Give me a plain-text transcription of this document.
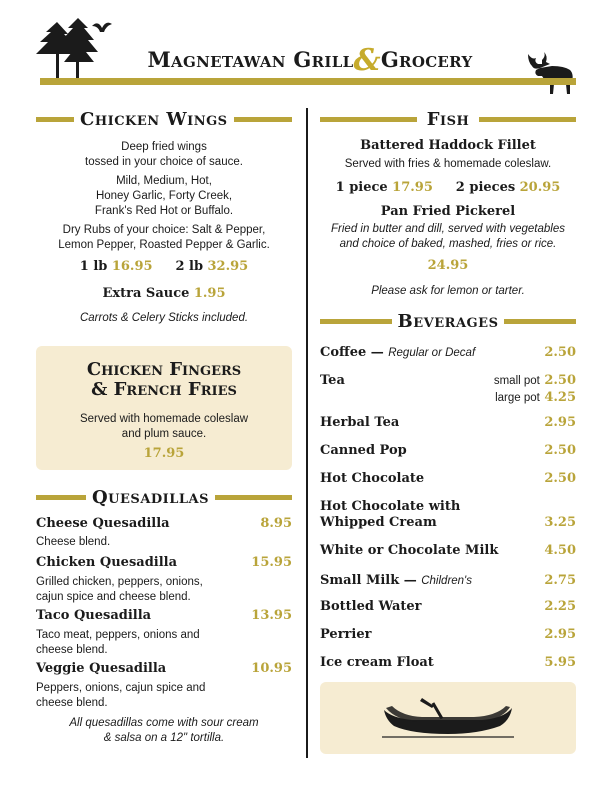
Magnetawan Grill&Grocery
Chicken Wings
Deep fried wings
tossed in your choice of sauce.
Mild, Medium, Hot,
Honey Garlic, Forty Creek,
Frank's Red Hot or Buffalo.
Dry Rubs of your choice: Salt & Pepper,
Lemon Pepper, Roasted Pepper & Garlic.
1 lb 16.95 2 lb 32.95
Extra Sauce 1.95
Carrots & Celery Sticks included.
Chicken Fingers
& French Fries
Served with homemade coleslaw
and plum sauce.
17.95
Quesadillas
Cheese Quesadilla	8.95
Cheese blend.
Chicken Quesadilla	15.95
Grilled chicken, peppers, onions,
cajun spice and cheese blend.
Taco Quesadilla	13.95
Taco meat, peppers, onions and
cheese blend.
Veggie Quesadilla	10.95
Peppers, onions, cajun spice and
cheese blend.
All quesadillas come with sour cream
& salsa on a 12" tortilla.
Fish
Battered Haddock Fillet
Served with fries & homemade coleslaw.
1 piece 17.95 2 pieces 20.95
Pan Fried Pickerel
Fried in butter and dill, served with vegetables
and choice of baked, mashed, fries or rice.
24.95
Please ask for lemon or tarter.
Beverages
Coffee — Regular or Decaf	2.50
Tea	small pot 2.50
large pot 4.25
Herbal Tea	2.95
Canned Pop	2.50
Hot Chocolate	2.50
Hot Chocolate with
Whipped Cream	3.25
White or Chocolate Milk	4.50
Small Milk — Children's	2.75
Bottled Water	2.25
Perrier	2.95
Ice cream Float	5.95
